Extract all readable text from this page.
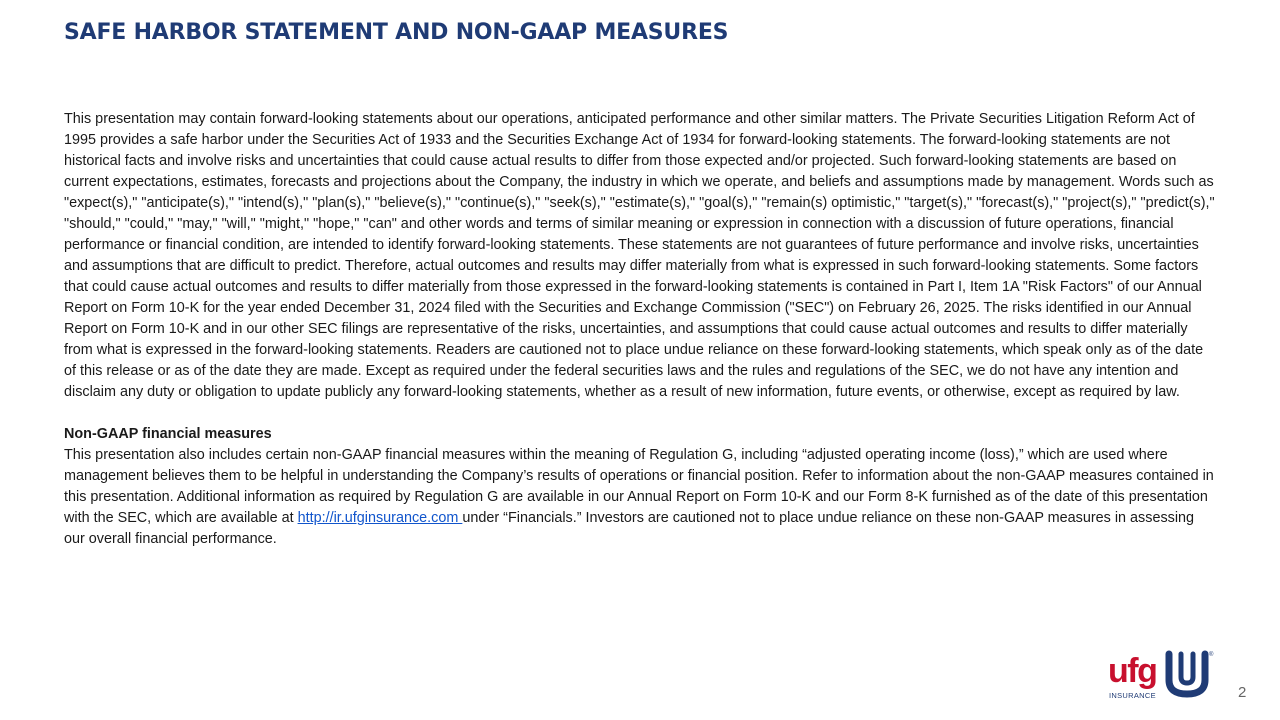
SAFE HARBOR STATEMENT AND NON-GAAP MEASURES

This presentation may contain forward-looking statements about our operations, anticipated performance and other similar matters. The Private Securities Litigation Reform Act of 1995 provides a safe harbor under the Securities Act of 1933 and the Securities Exchange Act of 1934 for forward-looking statements. The forward-looking statements are not historical facts and involve risks and uncertainties that could cause actual results to differ from those expected and/or projected. Such forward-looking statements are based on current expectations, estimates, forecasts and projections about the Company, the industry in which we operate, and beliefs and assumptions made by management. Words such as "expect(s)," "anticipate(s)," "intend(s)," "plan(s)," "believe(s)," "continue(s)," "seek(s)," "estimate(s)," "goal(s)," "remain(s) optimistic," "target(s)," "forecast(s)," "project(s)," "predict(s)," "should," "could," "may," "will," "might," "hope," "can" and other words and terms of similar meaning or expression in connection with a discussion of future operations, financial performance or financial condition, are intended to identify forward-looking statements. These statements are not guarantees of future performance and involve risks, uncertainties and assumptions that are difficult to predict. Therefore, actual outcomes and results may differ materially from what is expressed in such forward-looking statements. Some factors that could cause actual outcomes and results to differ materially from those expressed in the forward-looking statements is contained in Part I, Item 1A "Risk Factors" of our Annual Report on Form 10-K for the year ended December 31, 2024 filed with the Securities and Exchange Commission ("SEC") on February 26, 2025. The risks identified in our Annual Report on Form 10-K and in our other SEC filings are representative of the risks, uncertainties, and assumptions that could cause actual outcomes and results to differ materially from what is expressed in the forward-looking statements. Readers are cautioned not to place undue reliance on these forward-looking statements, which speak only as of the date of this release or as of the date they are made. Except as required under the federal securities laws and the rules and regulations of the SEC, we do not have any intention and disclaim any duty or obligation to update publicly any forward-looking statements, whether as a result of new information, future events, or otherwise, except as required by law.

Non-GAAP financial measures

This presentation also includes certain non-GAAP financial measures within the meaning of Regulation G, including “adjusted operating income (loss),” which are used where management believes them to be helpful in understanding the Company’s results of operations or financial position. Refer to information about the non-GAAP measures contained in this presentation. Additional information as required by Regulation G are available in our Annual Report on Form 10-K and our Form 8-K furnished as of the date of this presentation with the SEC, which are available at http://ir.ufginsurance.com under “Financials.” Investors are cautioned not to place undue reliance on these non-GAAP measures in assessing our overall financial performance.

ufg
INSURANCE
®
2
